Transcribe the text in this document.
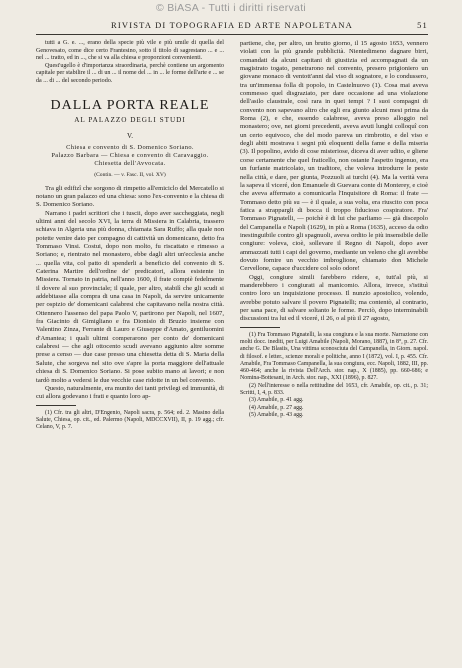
© BiASA - Tutti i diritti riservati
RIVISTA DI TOPOGRAFIA ED ARTE NAPOLETANA	51

tutti a G. e. ..., erano della specie più vile e più umile di quella del Genovesato, come dice certo Frantesino, sotto il titolo di sagrestano ... e ... nel ... tratto, ed in ..., che si va alla chiesa e proporzioni convenienti.

Quest'ugello è d'importanza straordinaria, perchè contiene un argomento capitale per stabilire il ... di un ... il nome del ... in ... le forme dell'arte e ... se da ... di ... del secondo periodo.

DALLA PORTA REALE
AL PALAZZO DEGLI STUDI
V.
Chiesa e convento di S. Domenico Soriano.
Palazzo Barbara — Chiesa e convento di Caravaggio.
Chiesetta dell'Avvocata.
(Contin. — v. Fasc. II, vol. XV)

Tra gli edifizî che sorgono di rimpetto all'emiciclo del Mercatello si notano un gran palazzo ed una chiesa: sono l'ex-convento e la chiesa di S. Domenico Soriano.

Narrano i padri scrittori che i tuscii, dopo aver saccheggiata, negli ultimi anni del secolo XVI, la terra di Missiera in Calabria, trassero schiava in Algeria una più donna, chiamata Sara Ruffo; alla quale non potette venire dato per compagno di cattività un domenicano, detto fra Tommaso Vinsi. Costui, dopo non molto, fu riscattato e rimesso a Soriano; e, rientrato nel monastero, ebbe dagli altri un'ecclesia anche ... quella vita, col patto di spenderli a beneficio del convento di S. Caterina Martire dell'ordine de' predicatori, allora esistente in Missiera. Tornato in patria, nell'anno 1600, il frate compiè fedelmente il dovere al suo provinciale; il quale, per altro, stabilì che gli scudi si addebitasse alla compra di una casa in Napoli, da servire unicamente per ospizio de' domenicani calabresi che capitavano nella nostra città. Ottennero l'assenso del papa Paolo V, partirono per Napoli, nel 1607, fra Giacinto di Gimigliano e fra Dionisio di Bruzio insieme con Valentino Zinza, Ferrante di Lauro e Giuseppe d'Amato, gentiluomini d'Amantea; i quali ultimi comperarono per conto de' domenicani calabresi — che agli ottocento scudi avevano aggiunto altre somme prese a censo — due case presso una chiesetta detta di S. Maria della Salute, che sorgeva nel sito ove s'apre la porta maggiore dell'attuale chiesa di S. Domenico Soriano. Si pose subito mano ai lavori; e non tardò molto a vedersi le due vecchie case ridotte in un bel convento.

Questo, naturalmente, era munito dei tanti privilegi ed immunità, di cui allora godevano i frati e quanto loro ap-

(1) Cfr. tra gli altri, D'Engenio, Napoli sacra, p. 564; ed. 2. Masino della Salute, Chiesa, op. cit., ed. Palermo (Napoli, MDCCXVII), II, p. 19 agg.; cfr. Celano, V, p. 7.

partiene, che, per altro, un brutto giorno, il 15 agosto 1653, vennero violati con la più grande pubblicità. Nientedimeno dagnare birri, comandati da alcuni capitani di giustizia ed accompagnati da un magistrato togato, penetrarono nel convento, presero prigioniero un giovane monaco di ventott'anni dal viso di sognatore, e lo condussero, tra un'immensa folla di popolo, in Castelnuovo (1). Cosa mai aveva commesso quel disgraziato, per dare occasione ad una violazione dell'asilo claustrale, così rara in quei tempi ? I suoi compagni di convento non sapevano altro che egli era giunto alcuni mesi prima da Roma (2), e che, essendo calabrese, aveva preso alloggio nel monastero; ove, nei giorni precedenti, aveva avuti lunghi colloquî con un certo equivoco, che del modo pareva un rimbrotto, e del viso e degli abiti mostrava i segni più eloquenti della fame e della miseria (3). Il popolino, avido di cose misteriose, diceva di aver udito, e gliene corse certamente che quel fraticello, non ostante l'aspetto ingenuo, era un furfante matricolato, un traditore, che voleva introdurre le peste nella città, e dare, per giunta, Pozzuoli ai turchi (4). Ma la verità vera la sapeva il viceré, don Emanuele di Guevara conte di Monterey, e cioè che aveva affermato a comunicarla l'Inquisitore di Roma: il frate — Tommaso detto più su — è il quale, a sua volta, era riuscito con poca fatica a strappargli di bocca il troppo fiducioso cospiratore. Fra' Tommaso Pignatelli, — poichè è di lui che parliamo — già discepolo del Campanella e Napoli (1629), in più a Roma (1635), acceso da odio inestinguibile contro gli spagnuoli, aveva ordito le più insensibile delle congiure: voleva, cioè, sollevare il Regno di Napoli, dopo aver ammazzati tutti i capi del governo, mediante un veleno che gli avrebbe dovuto fornire un vecchio imbroglione, chiamato don Michele Cervellone, capace d'uccidere col solo odore!

Oggi, congiure simili farebbero ridere, e, tutt'al più, si manderebbero i congiurati al manicomio. Allora, invece, s'istituì contro loro un inquisizione processo. Il nunzio apostolico, volendo, avrebbe potuto salvare il povero Pignatelli; ma contentò, al contrario, per sana pace, di salvare soltanto le forme. Perciò, dopo interminabili discussioni tra lui ed il viceré, il 26, o al più il 27 agosto,

(1) Fra Tommaso Pignatelli, la sua congiura e la sua morte. Narrazione con molti docc. inediti, per Luigi Amabile (Napoli, Morano, 1887), in 8°, p. 27. Cfr. anche G. De Blasiis, Una vittima sconosciuta del Campanella, in Giorn. napol. di filosof. e letter., scienze morali e politiche, anno I (1872), vol. I, p. 455. Cfr. Amabile, Fra Tommaso Campanella, la sua congiura, ecc. Napoli, 1882, III, pp. 460-464; anche la rivista Dell'Arch. stor. nap., X (1885), pp. 660-686; e Nomina-Bottesani, in Arch. stor. nap., XXI (1896), p. 827.

(2) Nell'interesse o nella rettitudine del 1653, cfr. Amabile, op. cit., p. 31; Scritti, I, 4, p. 833.

(3) Amabile, p. 41 agg.

(4) Amabile, p. 27 agg.

(5) Amabile, p. 43 agg.
